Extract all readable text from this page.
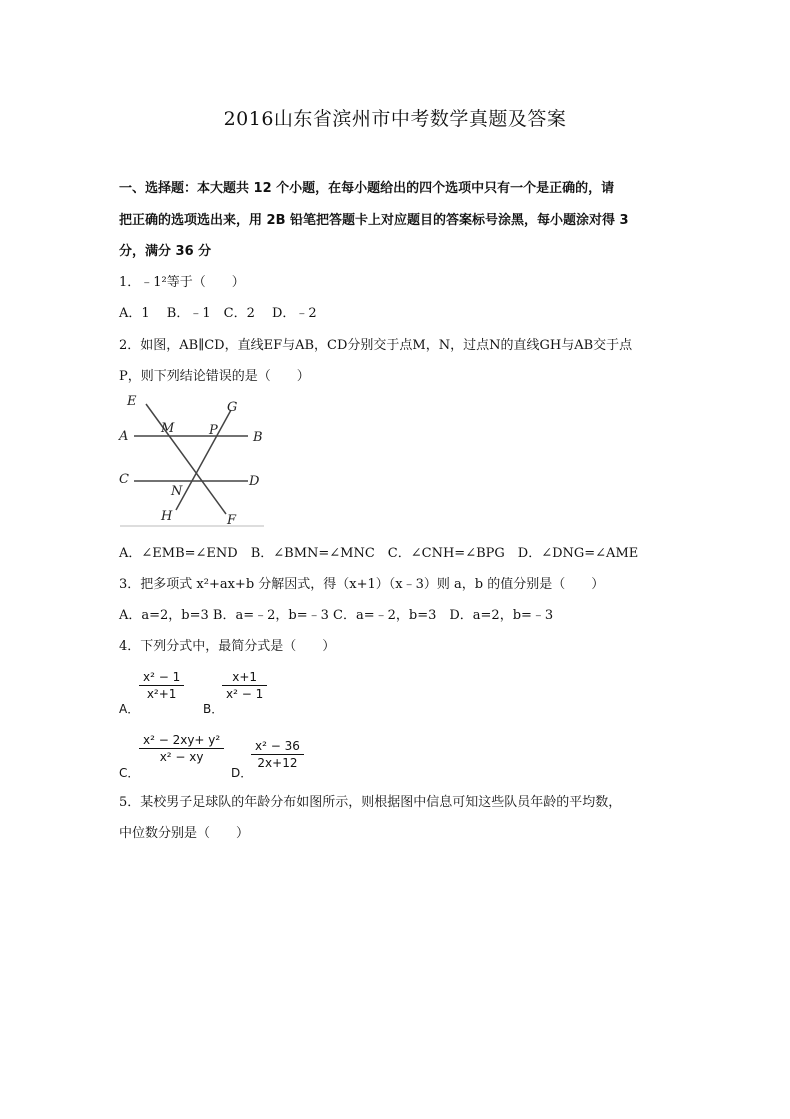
2016山东省滨州市中考数学真题及答案
一、选择题：本大题共 12 个小题，在每小题给出的四个选项中只有一个是正确的，请
把正确的选项选出来，用 2B 铅笔把答题卡上对应题目的答案标号涂黑，每小题涂对得 3
分，满分 36 分
1．﹣1²等于（　　）
A．1　 B．﹣1　C．2　 D．﹣2
2．如图，AB∥CD，直线EF与AB，CD分别交于点M，N，过点N的直线GH与AB交于点
P，则下列结论错误的是（　　）
E	G
M	P
A	B
C	D
N
H	F
A．∠EMB=∠END　B．∠BMN=∠MNC　C．∠CNH=∠BPG　D．∠DNG=∠AME
3．把多项式 x²+ax+b 分解因式，得（x+1）（x﹣3）则 a，b 的值分别是（　　）
A．a=2，b=3 B．a=﹣2，b=﹣3 C．a=﹣2，b=3　D．a=2，b=﹣3
4．下列分式中，最简分式是（　　）
A．
x² − 1
x²+1
B．
x+1
x² − 1
C．
x² − 2xy+ y²
x² − xy
D．
x² − 36
2x+12
5．某校男子足球队的年龄分布如图所示，则根据图中信息可知这些队员年龄的平均数，
中位数分别是（　　）
